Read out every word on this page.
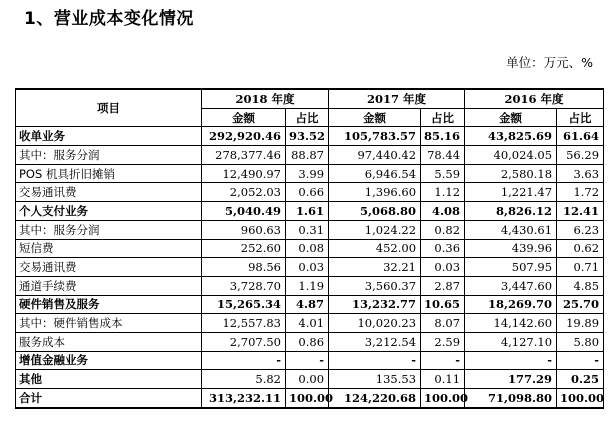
1、营业成本变化情况
单位：万元、%
项目	2018 年度		2017 年度		2016 年度	
	金额	占比	金额	占比	金额	占比
收单业务	292,920.46	93.52	105,783.57	85.16	43,825.69	61.64
其中：服务分润	278,377.46	88.87	97,440.42	78.44	40,024.05	56.29
POS 机具折旧摊销	12,490.97	3.99	6,946.54	5.59	2,580.18	3.63
交易通讯费	2,052.03	0.66	1,396.60	1.12	1,221.47	1.72
个人支付业务	5,040.49	1.61	5,068.80	4.08	8,826.12	12.41
其中：服务分润	960.63	0.31	1,024.22	0.82	4,430.61	6.23
短信费	252.60	0.08	452.00	0.36	439.96	0.62
交易通讯费	98.56	0.03	32.21	0.03	507.95	0.71
通道手续费	3,728.70	1.19	3,560.37	2.87	3,447.60	4.85
硬件销售及服务	15,265.34	4.87	13,232.77	10.65	18,269.70	25.70
其中：硬件销售成本	12,557.83	4.01	10,020.23	8.07	14,142.60	19.89
服务成本	2,707.50	0.86	3,212.54	2.59	4,127.10	5.80
增值金融业务	-	-	-	-	-	-
其他	5.82	0.00	135.53	0.11	177.29	0.25
合计	313,232.11	100.00	124,220.68	100.00	71,098.80	100.00
